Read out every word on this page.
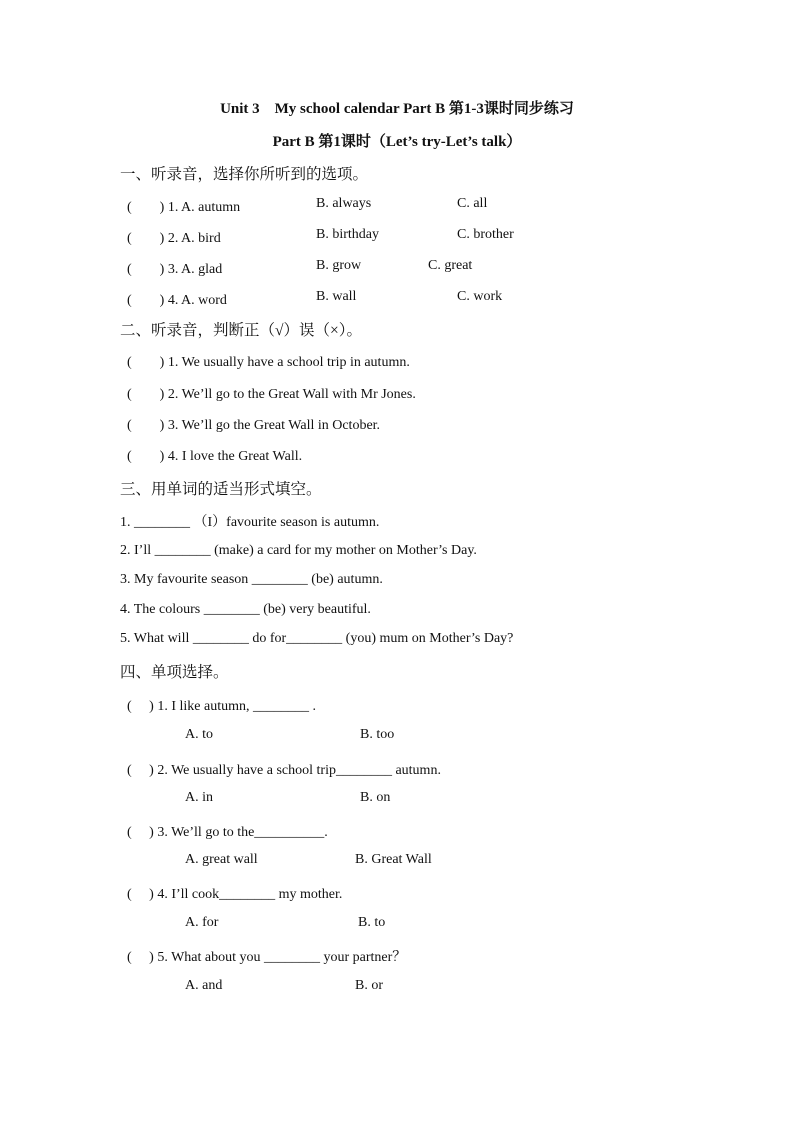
Unit 3　My school calendar Part B 第1-3课时同步练习
Part B 第1课时（Let’s try-Let’s talk）
一、听录音，选择你所听到的选项。
(　　) 1. A. autumn	B. always	C. all
(　　) 2. A. bird	B. birthday	C. brother
(　　) 3. A. glad	B. grow	C. great
(　　) 4. A. word	B. wall	C. work
二、听录音，判断正（√）误（×）。
(　　) 1. We usually have a school trip in autumn.
(　　) 2. We’ll go to the Great Wall with Mr Jones.
(　　) 3. We’ll go the Great Wall in October.
(　　) 4. I love the Great Wall.
三、用单词的适当形式填空。
1. ________ （I）favourite season is autumn.
2. I’ll ________ (make) a card for my mother on Mother’s Day.
3. My favourite season ________ (be) autumn.
4. The colours ________ (be) very beautiful.
5. What will ________ do for________ (you) mum on Mother’s Day?
四、单项选择。
(　 ) 1. I like autumn, ________ .
A. to	B. too
(　 ) 2. We usually have a school trip________ autumn.
A. in	B. on
(　 ) 3. We’ll go to the__________.
A. great wall	B. Great Wall
(　 ) 4. I’ll cook________ my mother.
A. for	B. to
(　 ) 5. What about you ________ your partner？
A. and	B. or
